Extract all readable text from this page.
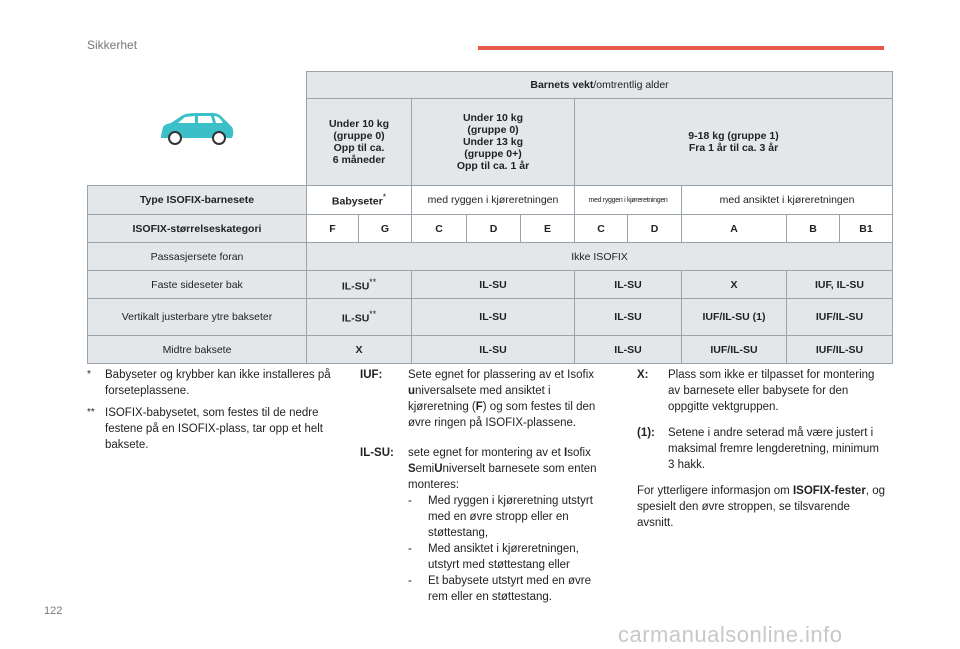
Sikkerhet
	Barnets vekt/omtrentlig alder									
	Under 10 kg
(gruppe 0)
Opp til ca.
6 måneder		Under 10 kg
(gruppe 0)
Under 13 kg
(gruppe 0+)
Opp til ca. 1 år			9-18 kg (gruppe 1)
Fra 1 år til ca. 3 år				
Type ISOFIX-barnesete	Babyseter*		med ryggen i kjøreretningen			med ryggen i kjøreretningen		med ansiktet i kjøreretningen		
ISOFIX-størrelseskategori	F	G	C	D	E	C	D	A	B	B1
Passasjersete foran	Ikke ISOFIX									
Faste sideseter bak	IL-SU**		IL-SU			IL-SU		X	IUF, IL-SU	
Vertikalt justerbare ytre bakseter	IL-SU**		IL-SU			IL-SU		IUF/IL-SU (1)	IUF/IL-SU	
Midtre baksete	X		IL-SU			IL-SU		IUF/IL-SU	IUF/IL-SU	
* Babyseter og krybber kan ikke installeres på forseteplassene.
** ISOFIX-babysetet, som festes til de nedre festene på en ISOFIX-plass, tar opp et helt baksete.
IUF:	Sete egnet for plassering av et Isofix universalsete med ansiktet i kjøreretning (F) og som festes til den øvre ringen på ISOFIX-plassene.
IL-SU:	sete egnet for montering av et Isofix SemiUniverselt barnesete som enten monteres:
-	Med ryggen i kjøreretning utstyrt med en øvre stropp eller en støttestang,
-	Med ansiktet i kjøreretningen, utstyrt med støttestang eller
-	Et babysete utstyrt med en øvre rem eller en støttestang.
X:	Plass som ikke er tilpasset for montering av barnesete eller babysete for den oppgitte vektgruppen.
(1):	Setene i andre seterad må være justert i maksimal fremre lengderetning, minimum 3 hakk.
For ytterligere informasjon om ISOFIX-fester, og spesielt den øvre stroppen, se tilsvarende avsnitt.
122
carmanualsonline.info
